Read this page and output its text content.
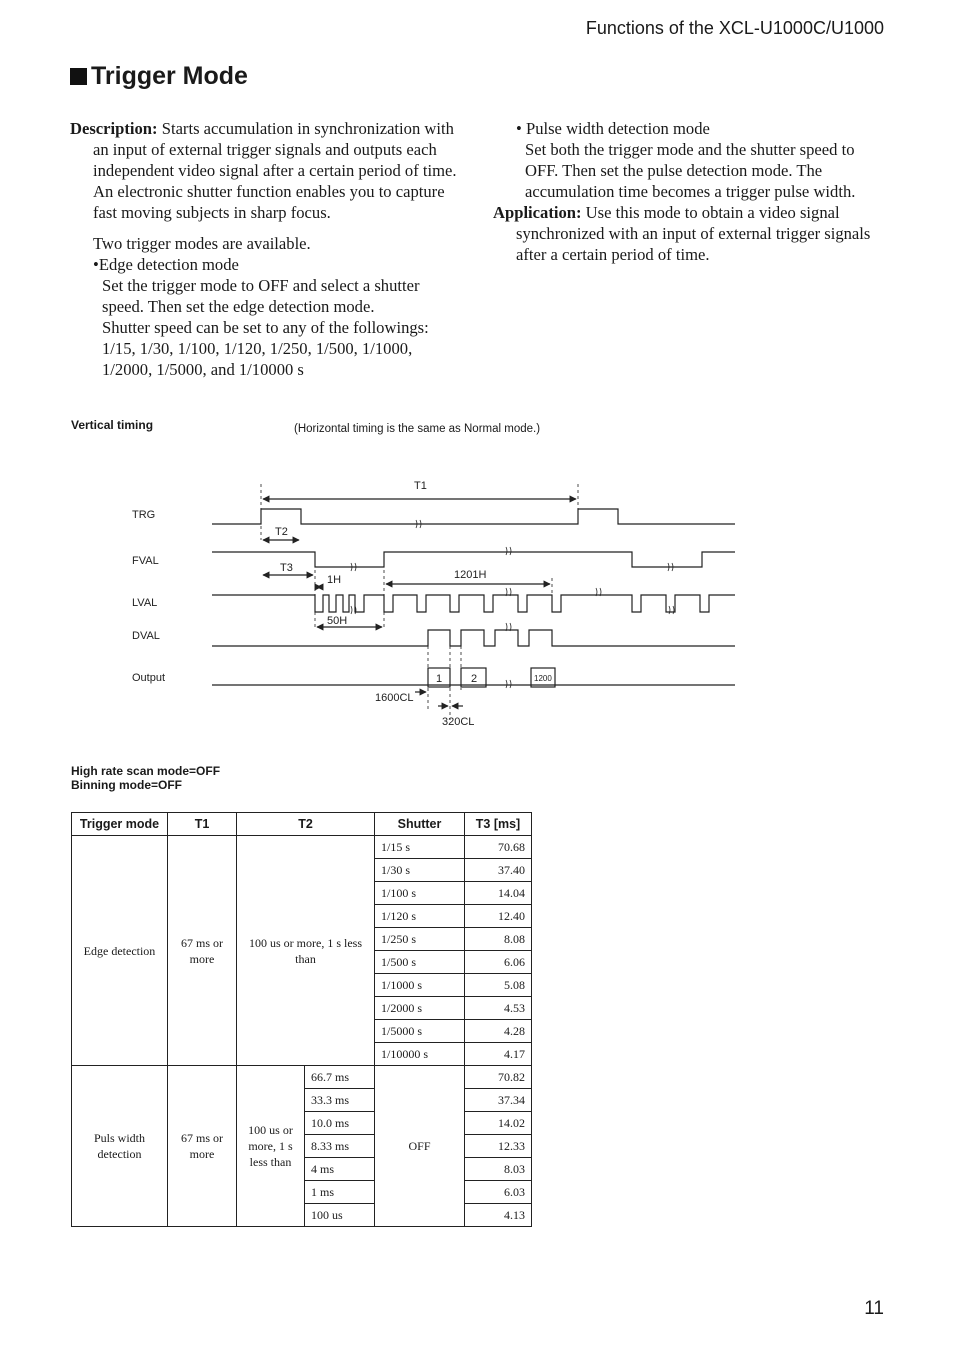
Functions of the XCL-U1000C/U1000
Trigger Mode

Description: Starts accumulation in synchronization with an input of external trigger signals and outputs each independent video signal after a certain period of time. An electronic shutter function enables you to capture fast moving subjects in sharp focus.

Two trigger modes are available.

•Edge detection mode

Set the trigger mode to OFF and select a shutter speed. Then set the edge detection mode.

Shutter speed can be set to any of the followings: 1/15, 1/30, 1/100, 1/120, 1/250, 1/500, 1/1000, 1/2000, 1/5000, and 1/10000 s

• Pulse width detection mode

Set both the trigger mode and the shutter speed to OFF. Then set the pulse detection mode. The accumulation time becomes a trigger pulse width.

Application: Use this mode to obtain a video signal synchronized with an input of external trigger signals after a certain period of time.

Vertical timing	(Horizontal timing is the same as Normal mode.)
TRG
FVAL
LVAL
DVAL
Output
T1
T2
T3
1H	1201H
50H
1	2	1200
1600CL
320CL
High rate scan mode=OFF
Binning mode=OFF
Trigger mode	T1	T2		Shutter	T3 [ms]
Edge detection	67 ms or more	100 us or more, 1 s less than		1/15 s	70.68
				1/30 s	37.40
				1/100 s	14.04
				1/120 s	12.40
				1/250 s	8.08
				1/500 s	6.06
				1/1000 s	5.08
				1/2000 s	4.53
				1/5000 s	4.28
				1/10000 s	4.17
Puls width detection	67 ms or more	100 us or more, 1 s less than	66.7 ms	OFF	70.82
			33.3 ms		37.34
			10.0 ms		14.02
			8.33 ms		12.33
			4 ms		8.03
			1 ms		6.03
			100 us		4.13
11
